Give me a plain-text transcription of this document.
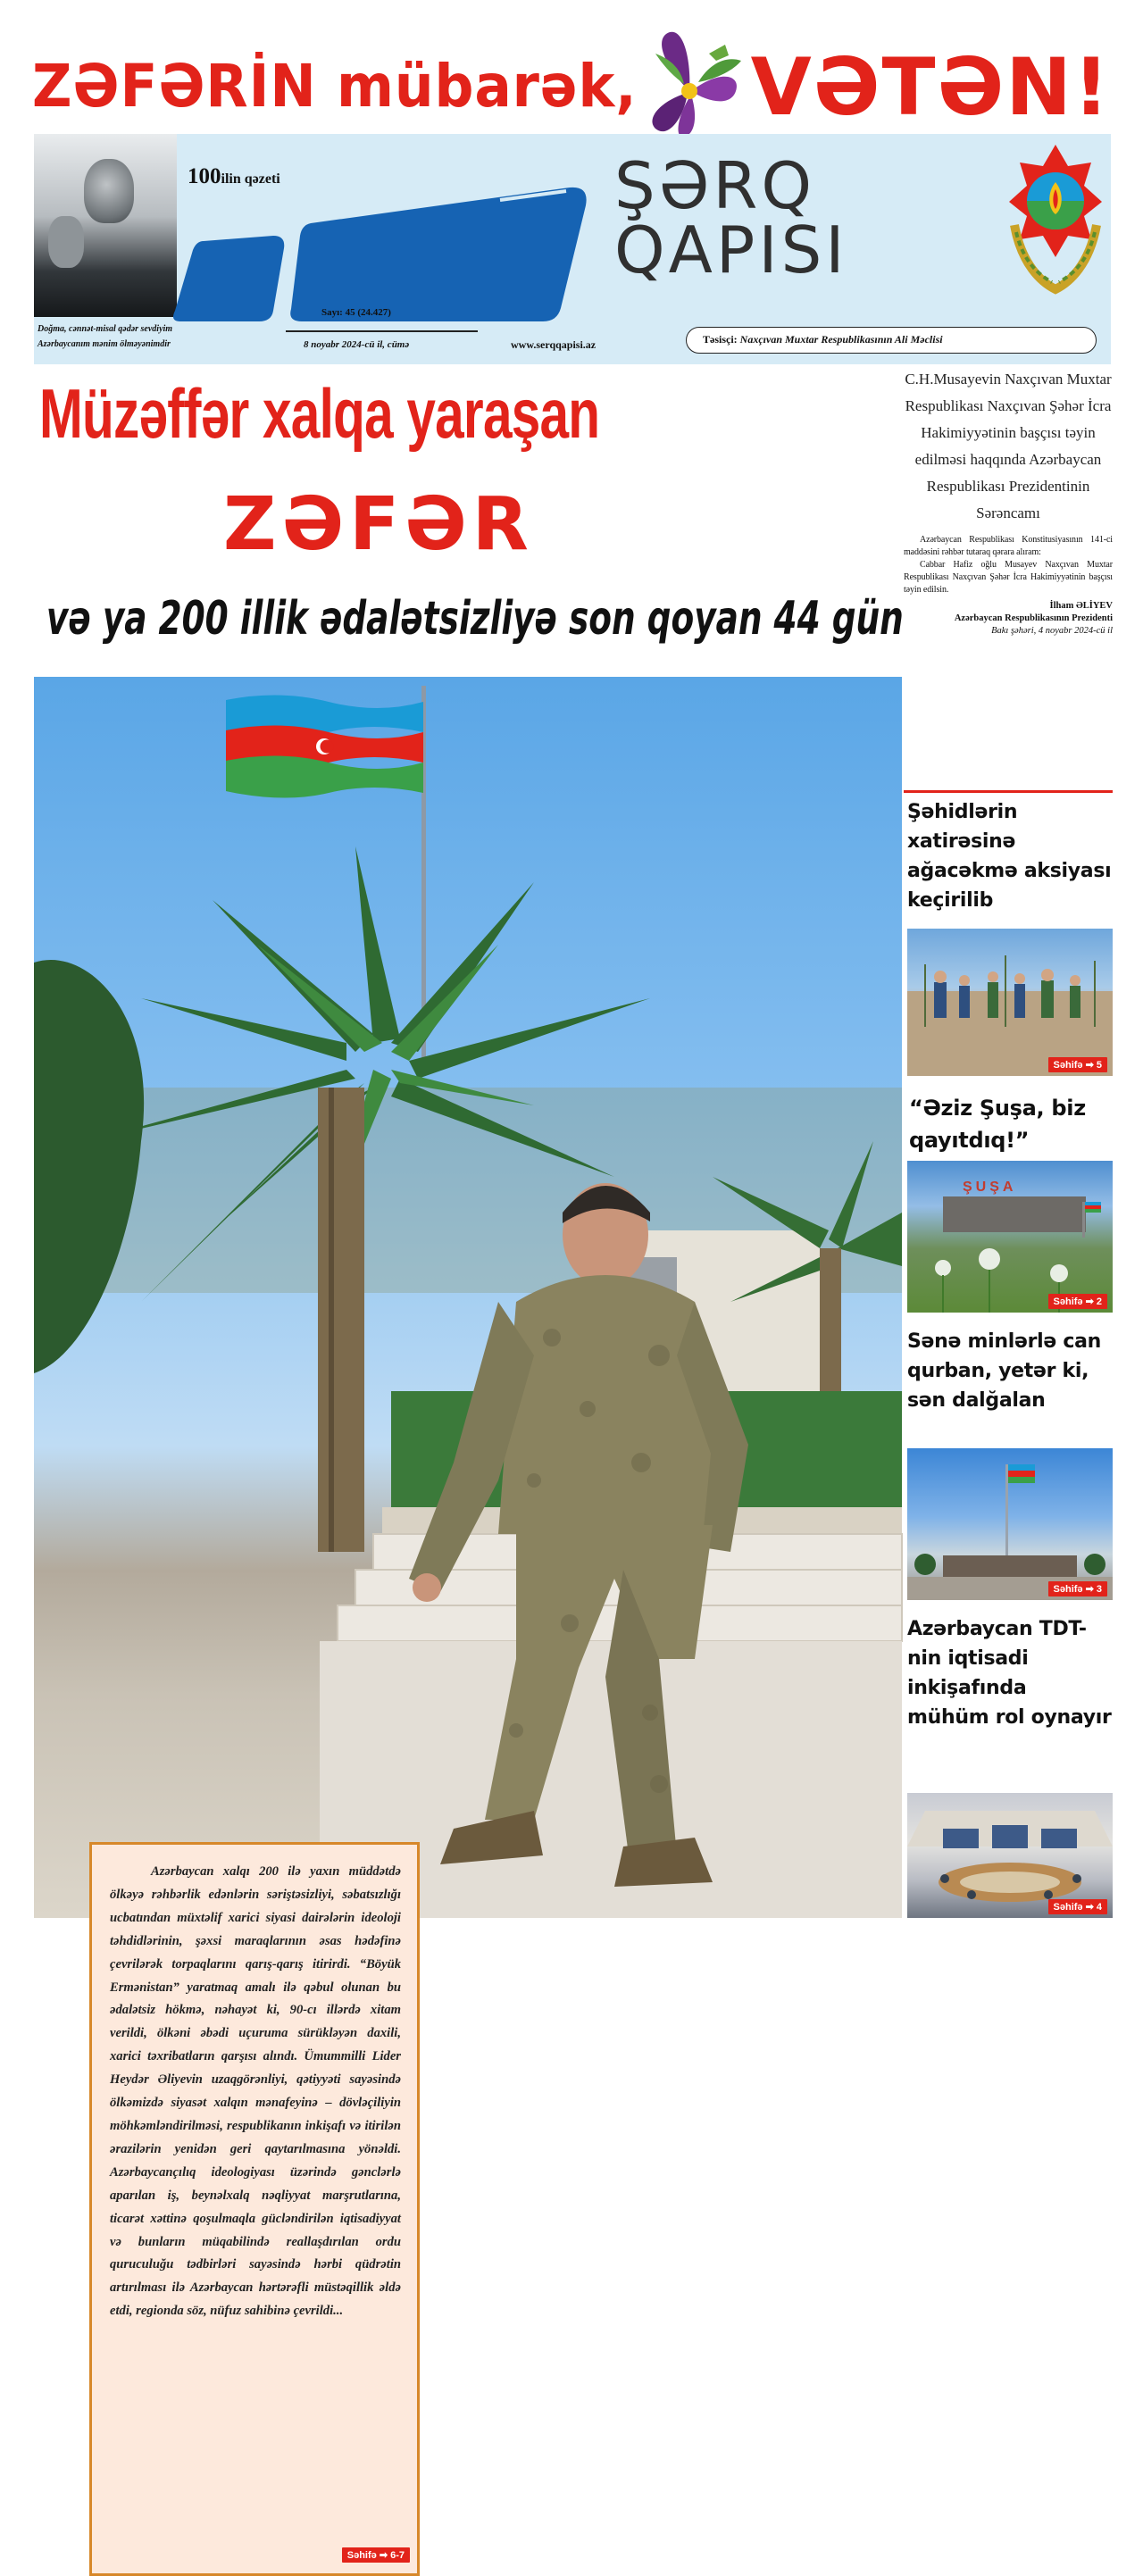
ZƏFƏRİN mübarək, VƏTƏN!
Doğma, cənnət-misal qədər sevdiyim
Azərbaycanım mənim ölməyənimdir
100ilin qəzeti
Sayı: 45 (24.427)
8 noyabr 2024-cü il, cümə	www.serqqapisi.az
ŞƏRQ
QAPISI
Təsisçi: Naxçıvan Muxtar Respublikasının Ali Məclisi
Müzəffər xalqa yaraşan
ZƏFƏR
və ya 200 illik ədalətsizliyə son qoyan 44 gün

Azərbaycan xalqı 200 ilə yaxın müddətdə ölkəyə rəhbərlik edənlərin səriştəsizliyi, səbatsızlığı ucbatından müxtəlif xarici siyasi dairələrin ideoloji təhdidlərinin, şəxsi maraqlarının əsas hədəfinə çevrilərək torpaqlarını qarış-qarış itirirdi. “Böyük Ermənistan” yaratmaq amalı ilə qəbul olunan bu ədalətsiz hökmə, nəhayət ki, 90-cı illərdə xitam verildi, ölkəni əbədi uçuruma sürükləyən daxili, xarici təxribatların qarşısı alındı. Ümummilli Lider Heydər Əliyevin uzaqgörənliyi, qətiyyəti sayəsində ölkəmizdə siyasət xalqın mənafeyinə – dövləçiliyin möhkəmləndirilməsi, respublikanın inkişafı və itirilən ərazilərin yenidən geri qaytarılmasına yönəldi. Azərbaycançılıq ideologiyası üzərində gənclərlə aparılan iş, beynəlxalq nəqliyyat marşrutlarına, ticarət xəttinə qoşulmaqla gücləndirilən iqtisadiyyat və bunların müqabilində reallaşdırılan ordu quruculuğu tədbirləri sayəsində hərbi qüdrətin artırılması ilə Azərbaycan hərtərəfli müstəqillik əldə etdi, regionda söz, nüfuz sahibinə çevrildi...

Səhifə ➡ 6-7
C.H.Musayevin Naxçıvan Muxtar Respublikası Naxçıvan Şəhər İcra Hakimiyyətinin başçısı təyin edilməsi haqqında Azərbaycan Respublikası Prezidentinin Sərəncamı

Azərbaycan Respublikası Konstitusiyasının 141-ci maddəsini rəhbər tutaraq qərara alıram:

Cabbar Hafiz oğlu Musayev Naxçıvan Muxtar Respublikası Naxçıvan Şəhər İcra Hakimiyyətinin başçısı təyin edilsin.

İlham ƏLİYEV
Azərbaycan Respublikasının Prezidenti
Bakı şəhəri, 4 noyabr 2024-cü il
Şəhidlərin xatirəsinə ağacəkmə aksiyası keçirilib
Səhifə ➡ 5
“Əziz Şuşa, biz qayıtdıq!”
ŞUŞA
Səhifə ➡ 2
Sənə minlərlə can qurban, yetər ki, sən dalğalan
Səhifə ➡ 3
Azərbaycan TDT-nin iqtisadi inkişafında mühüm rol oynayır
Səhifə ➡ 4
